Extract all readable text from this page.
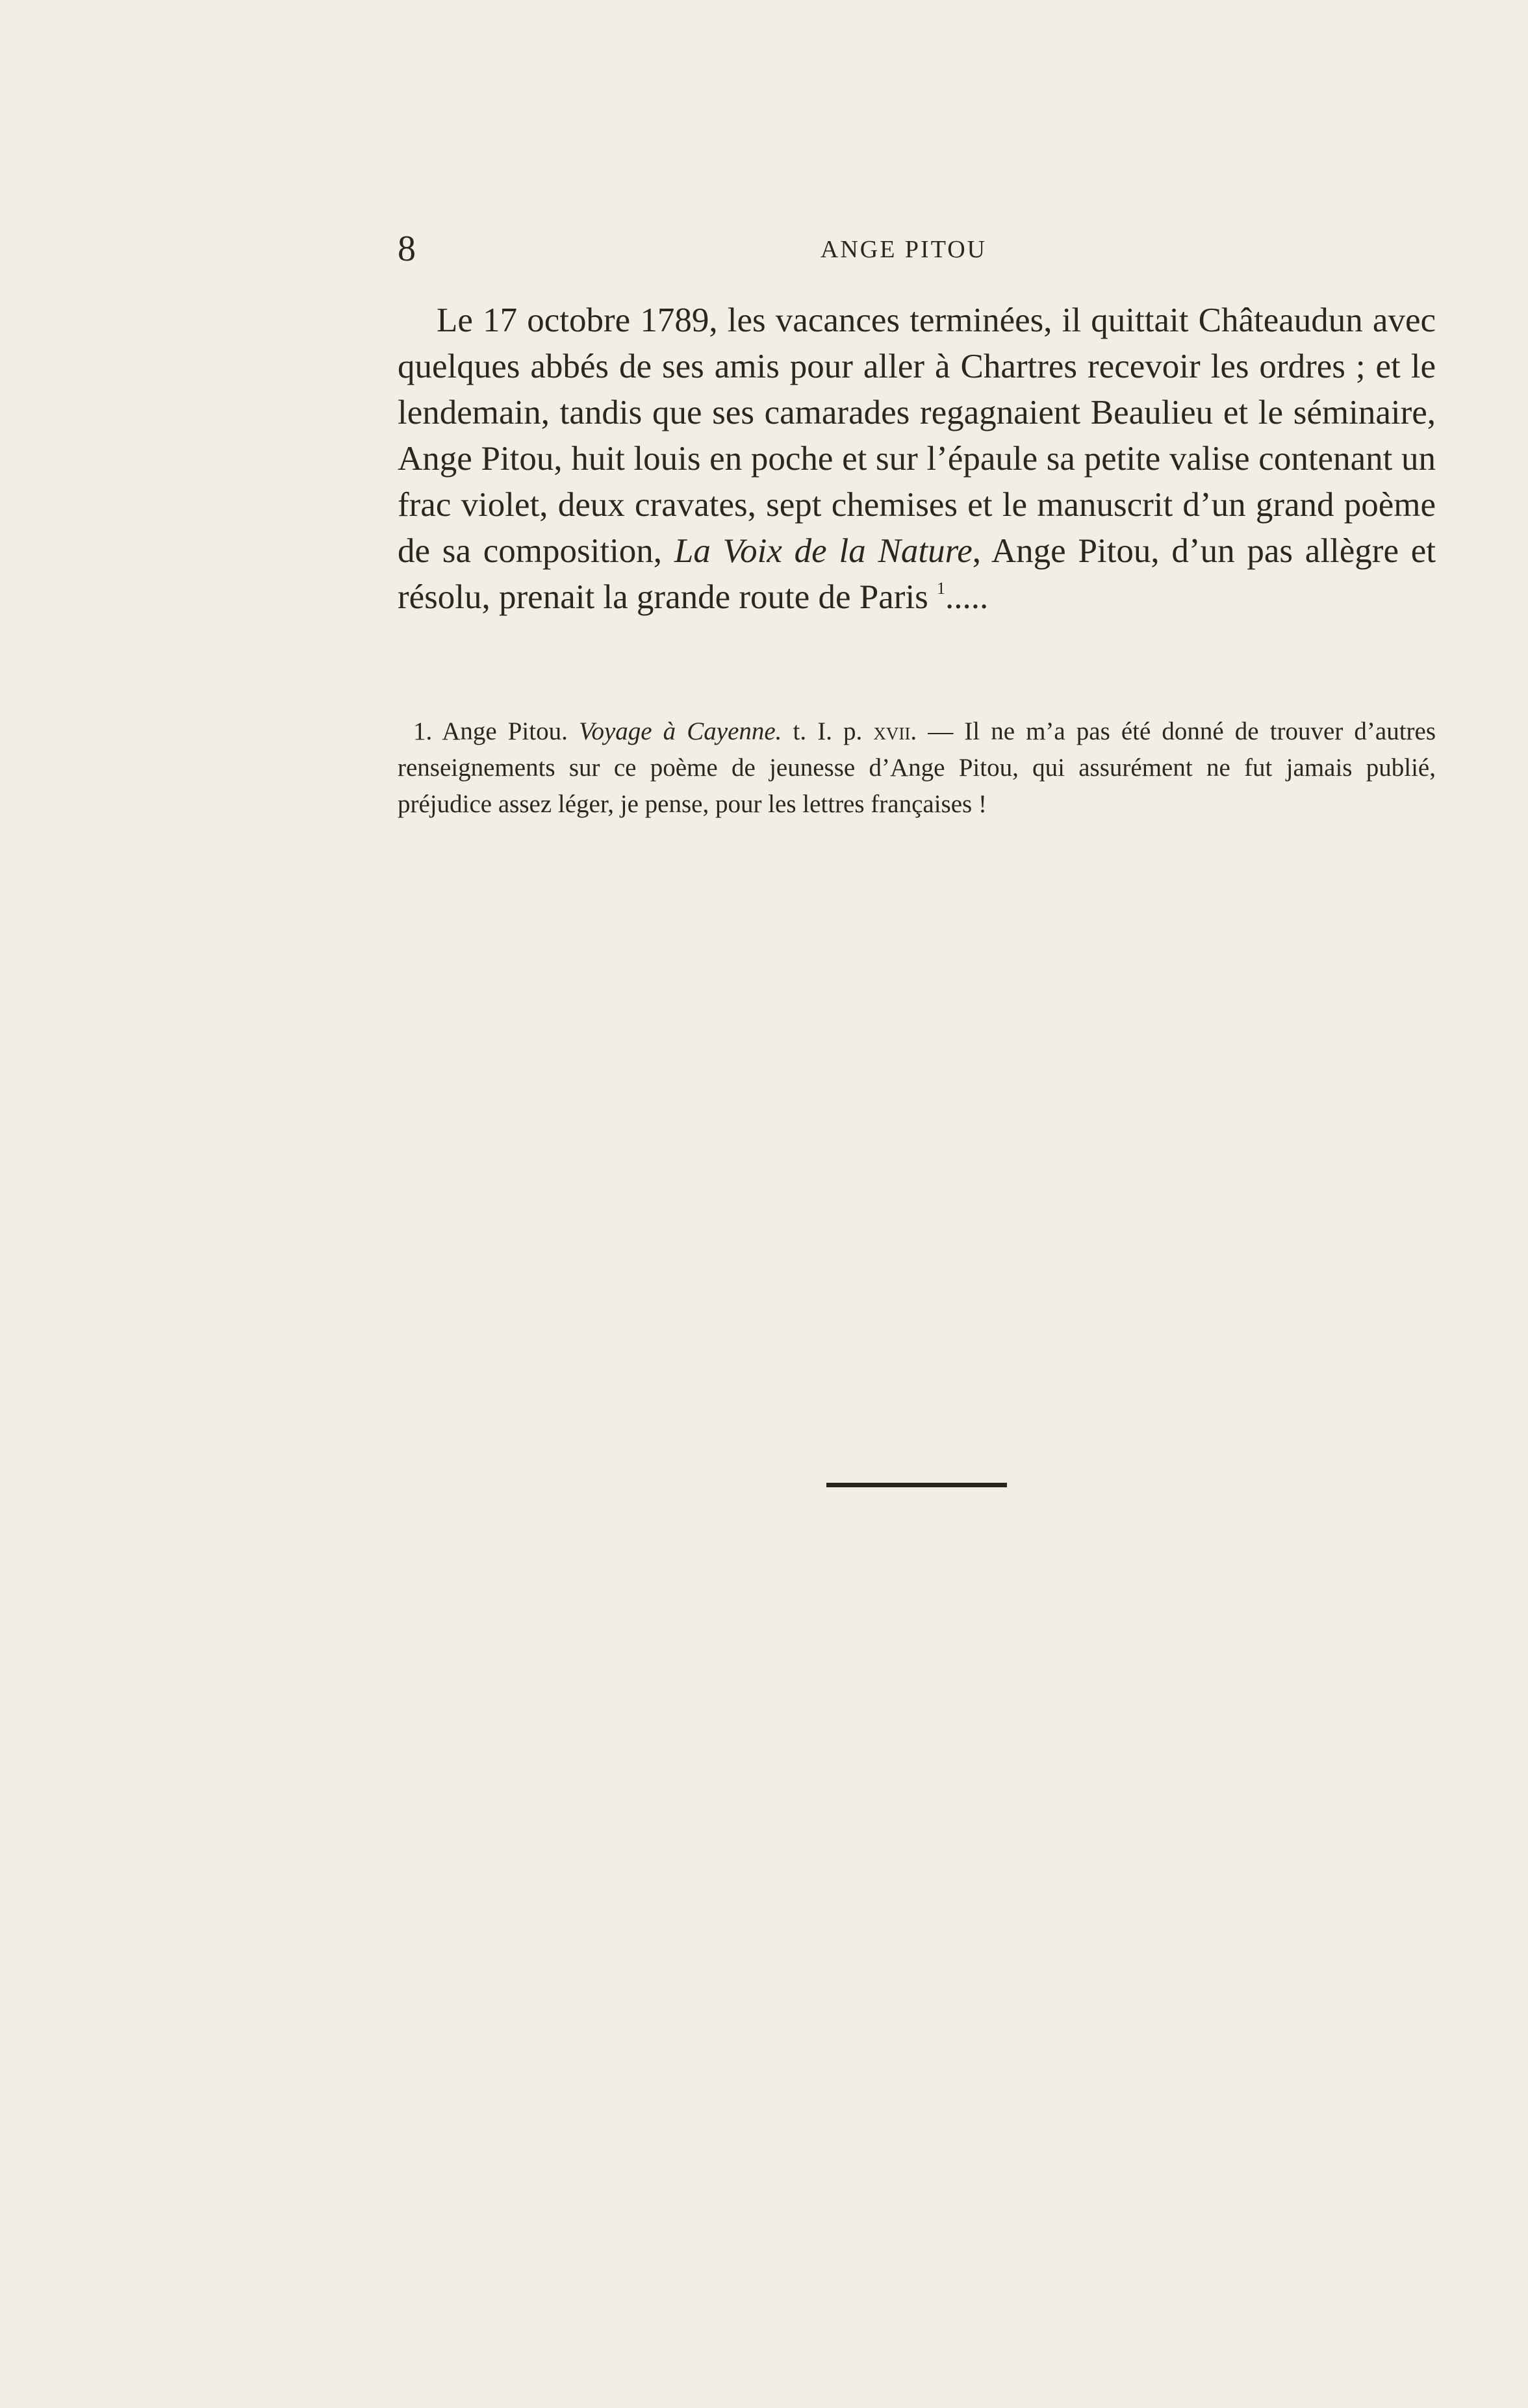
8	ANGE PITOU

Le 17 octobre 1789, les vacances terminées, il quittait Châteaudun avec quelques abbés de ses amis pour aller à Chartres recevoir les ordres ; et le lendemain, tandis que ses camarades regagnaient Beaulieu et le séminaire, Ange Pitou, huit louis en poche et sur l’épaule sa petite valise contenant un frac violet, deux cravates, sept chemises et le manuscrit d’un grand poème de sa composition, La Voix de la Nature, Ange Pitou, d’un pas allègre et résolu, prenait la grande route de Paris $^1$.....

1. Ange Pitou. Voyage à Cayenne. t. I. p. xvii. — Il ne m’a pas été donné de trouver d’autres renseignements sur ce poème de jeunesse d’Ange Pitou, qui assurément ne fut jamais publié, préjudice assez léger, je pense, pour les lettres françaises !
